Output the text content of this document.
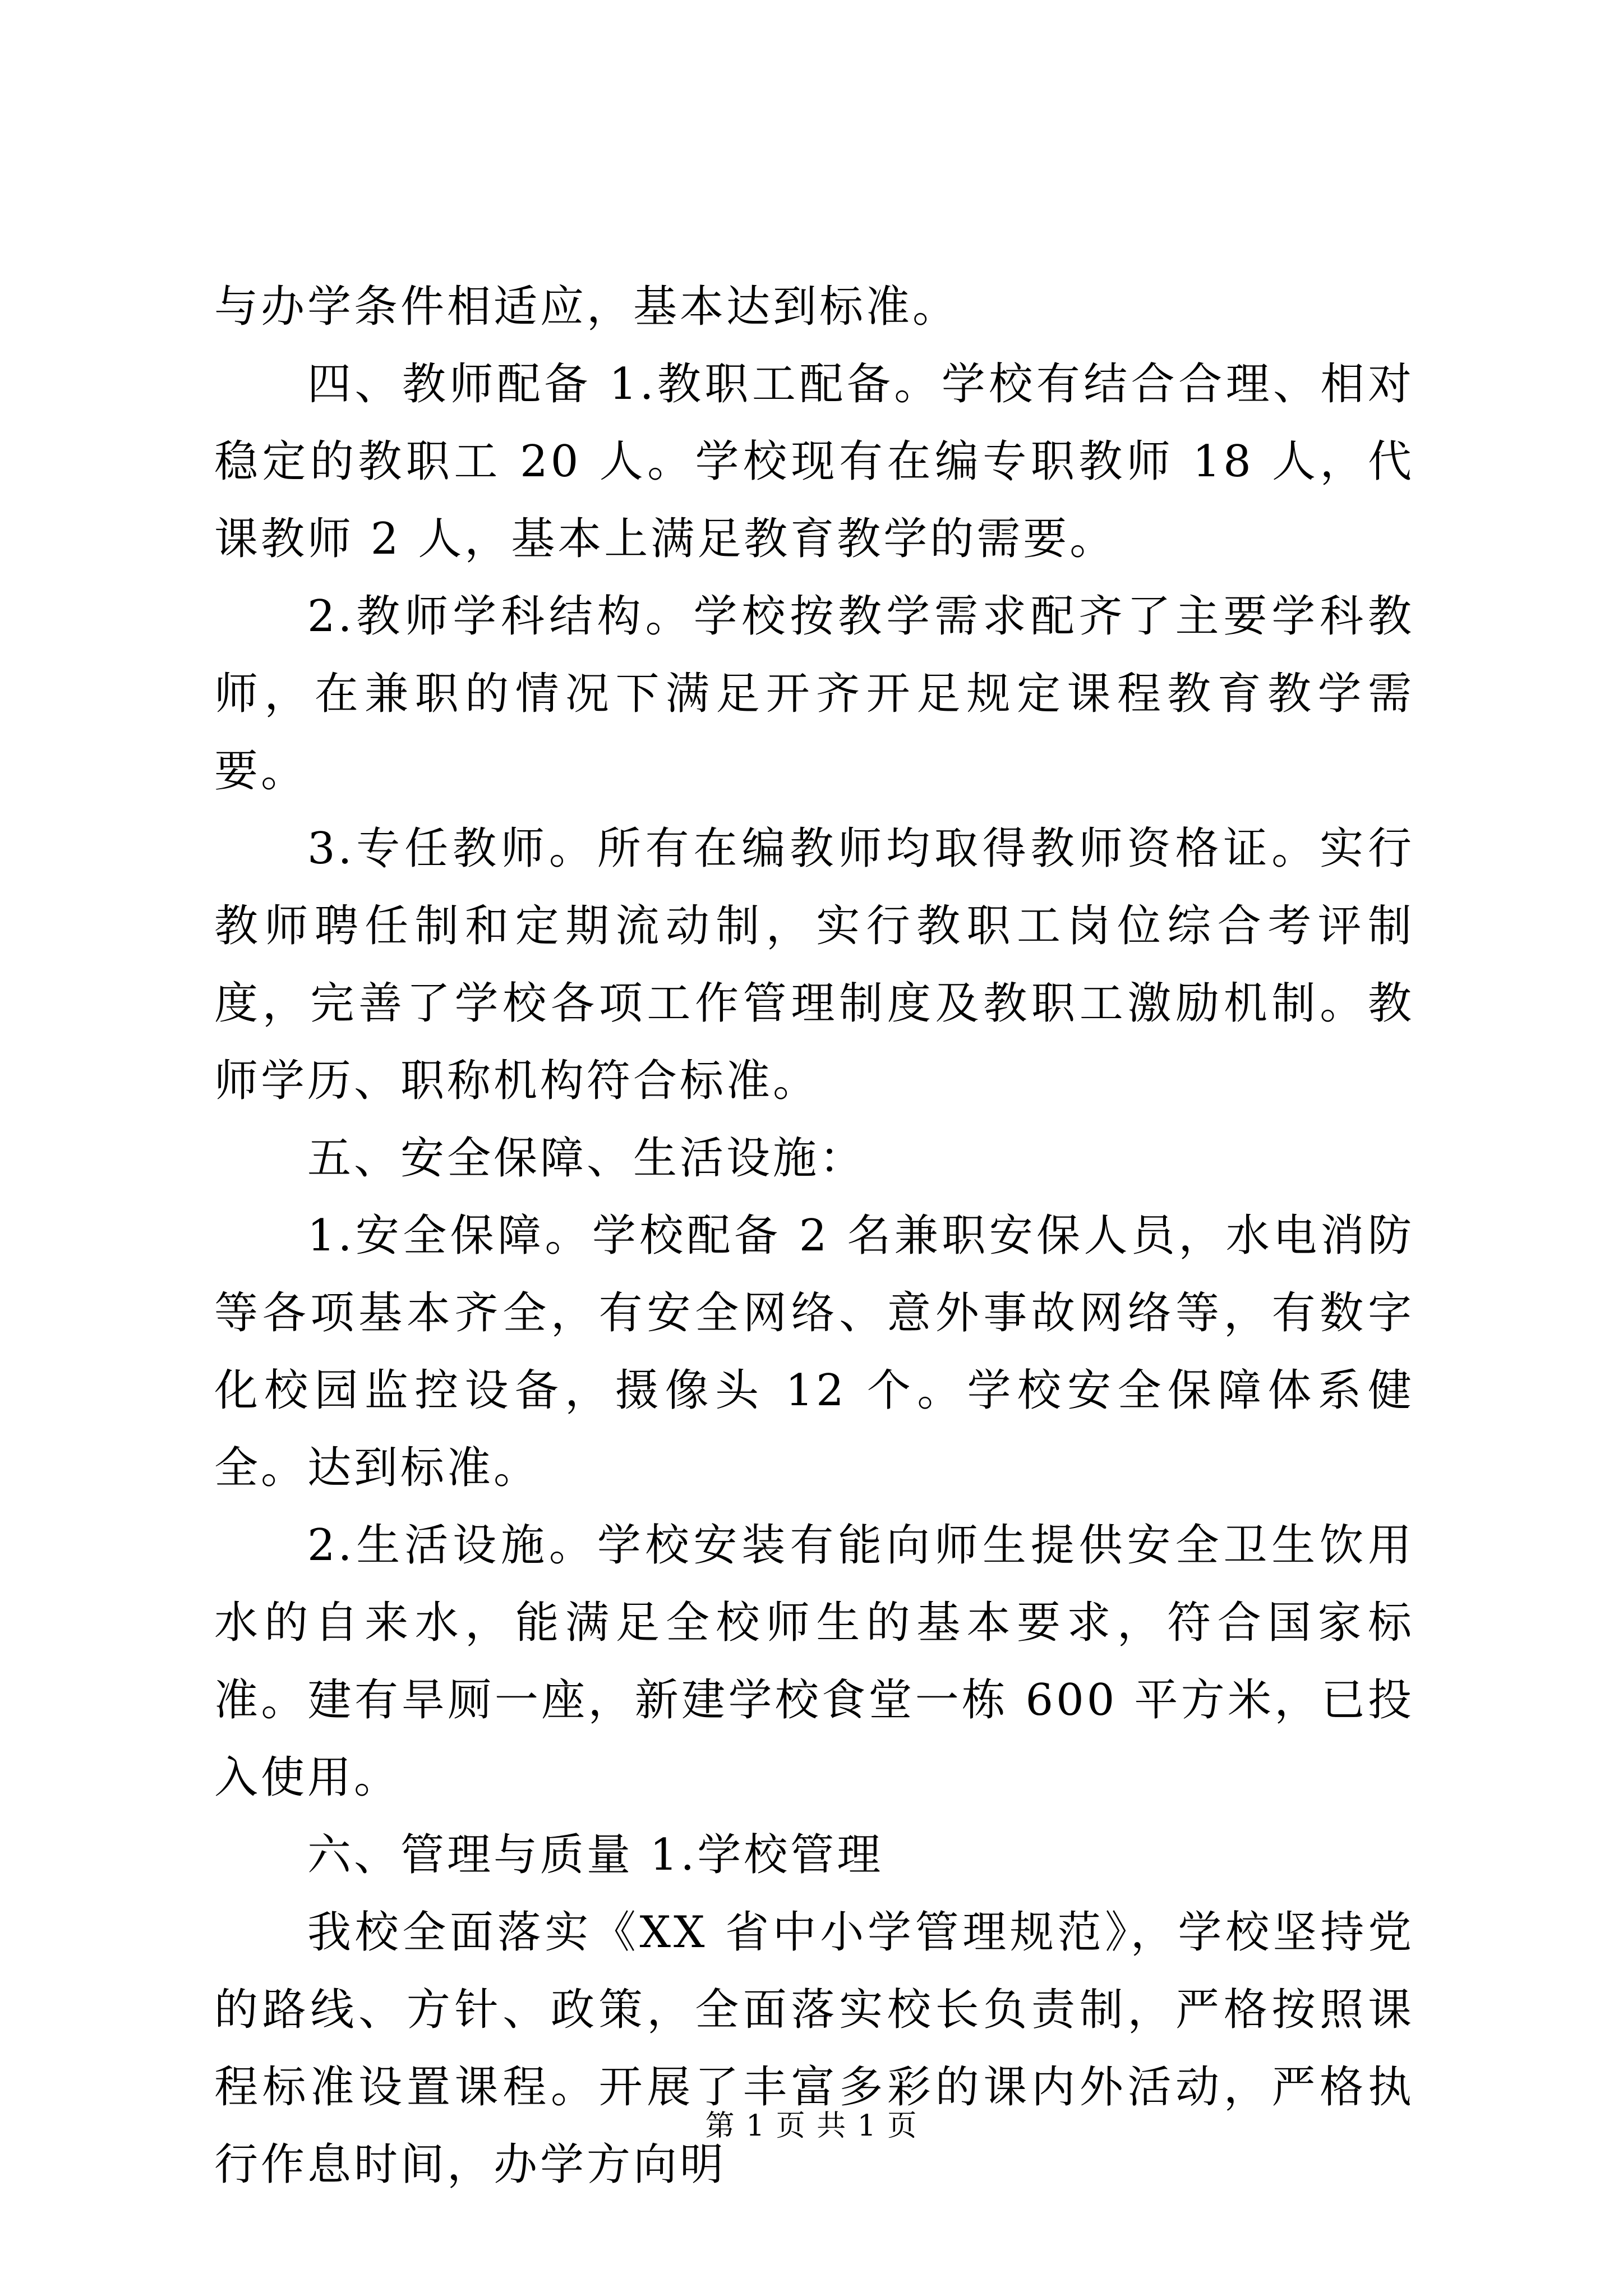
与办学条件相适应，基本达到标准。

四、教师配备 1.教职工配备。学校有结合合理、相对稳定的教职工 20 人。学校现有在编专职教师 18 人，代课教师 2 人，基本上满足教育教学的需要。

2.教师学科结构。学校按教学需求配齐了主要学科教师，在兼职的情况下满足开齐开足规定课程教育教学需要。

3.专任教师。所有在编教师均取得教师资格证。实行教师聘任制和定期流动制，实行教职工岗位综合考评制度，完善了学校各项工作管理制度及教职工激励机制。教师学历、职称机构符合标准。

五、安全保障、生活设施：

1.安全保障。学校配备 2 名兼职安保人员，水电消防等各项基本齐全，有安全网络、意外事故网络等，有数字化校园监控设备，摄像头 12 个。学校安全保障体系健全。达到标准。

2.生活设施。学校安装有能向师生提供安全卫生饮用水的自来水，能满足全校师生的基本要求，符合国家标准。建有旱厕一座，新建学校食堂一栋 600 平方米，已投入使用。

六、管理与质量 1.学校管理

我校全面落实《XX 省中小学管理规范》，学校坚持党的路线、方针、政策，全面落实校长负责制，严格按照课程标准设置课程。开展了丰富多彩的课内外活动，严格执行作息时间，办学方向明

第 1 页 共 1 页
